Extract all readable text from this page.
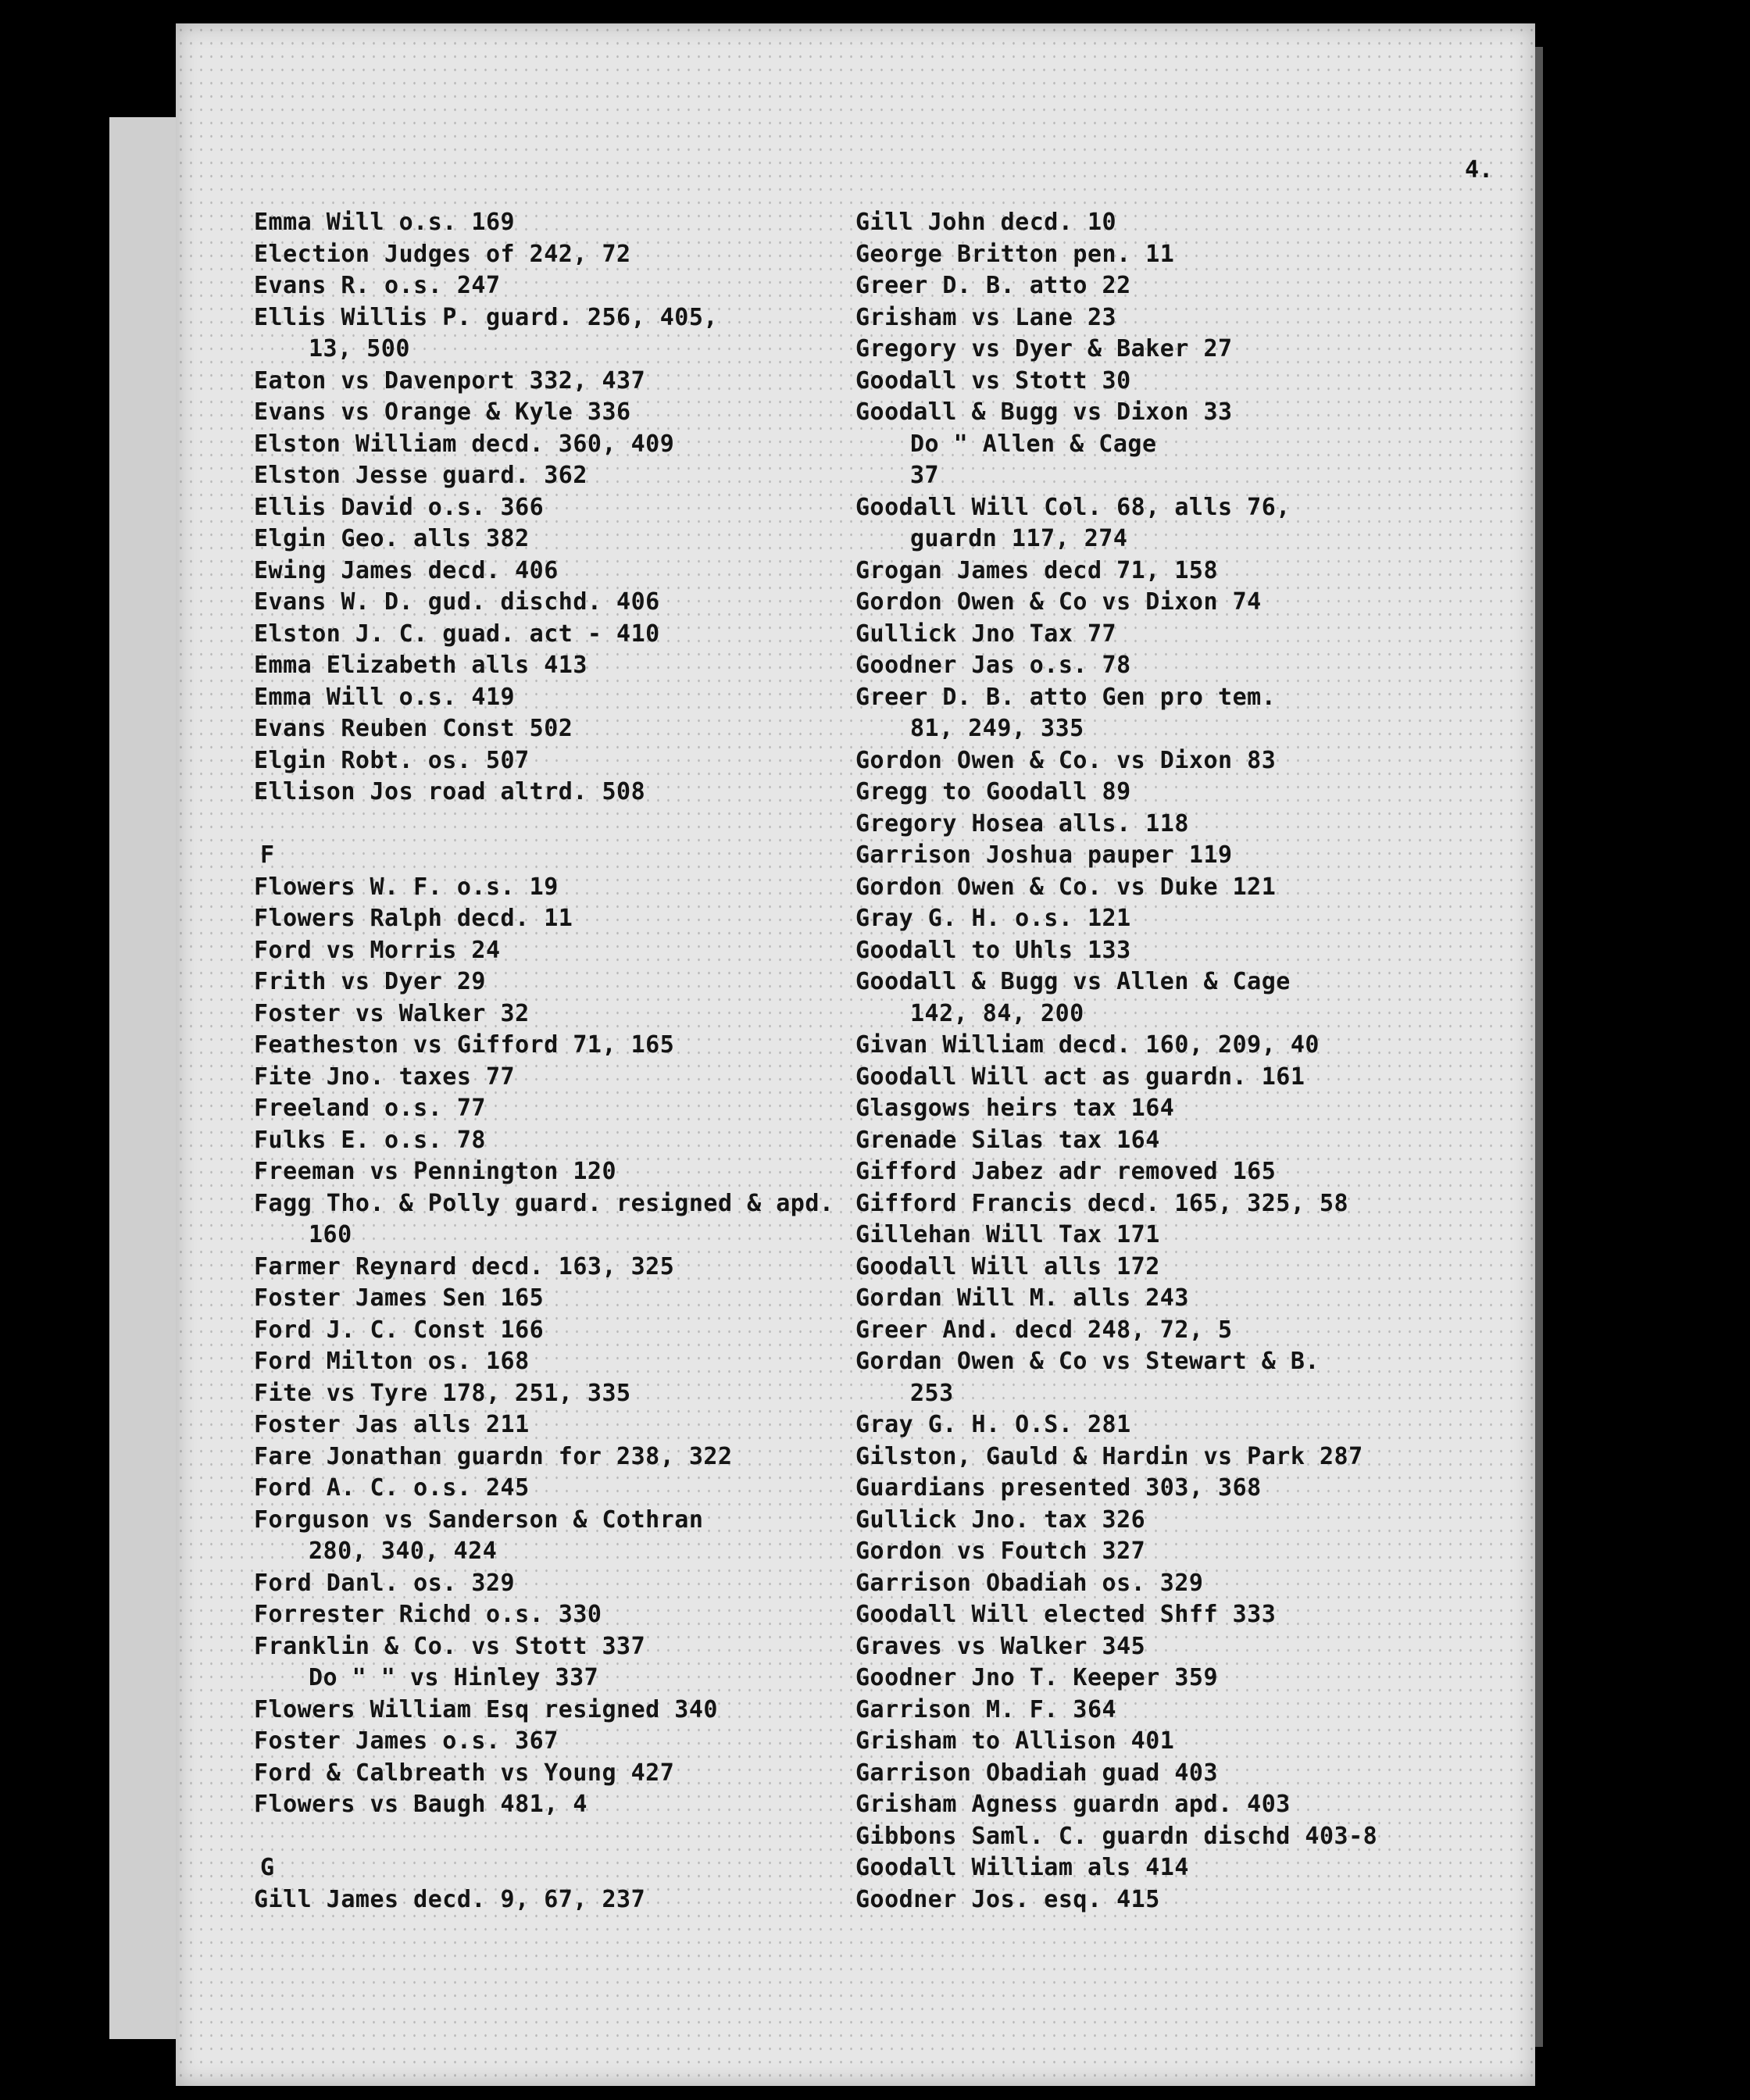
4.
Emma Will o.s. 169
Election Judges of 242, 72
Evans R. o.s. 247
Ellis Willis P. guard. 256, 405,
13, 500
Eaton vs Davenport 332, 437
Evans vs Orange & Kyle 336
Elston William decd. 360, 409
Elston Jesse guard. 362
Ellis David o.s. 366
Elgin Geo. alls 382
Ewing James decd. 406
Evans W. D. gud. dischd. 406
Elston J. C. guad. act - 410
Emma Elizabeth alls 413
Emma Will o.s. 419
Evans Reuben Const 502
Elgin Robt. os. 507
Ellison Jos road altrd. 508
F
Flowers W. F. o.s. 19
Flowers Ralph decd. 11
Ford vs Morris 24
Frith vs Dyer 29
Foster vs Walker 32
Featheston vs Gifford 71, 165
Fite Jno. taxes 77
Freeland o.s. 77
Fulks E. o.s. 78
Freeman vs Pennington 120
Fagg Tho. & Polly guard. resigned & apd.
160
Farmer Reynard decd. 163, 325
Foster James Sen 165
Ford J. C. Const 166
Ford Milton os. 168
Fite vs Tyre 178, 251, 335
Foster Jas alls 211
Fare Jonathan guardn for 238, 322
Ford A. C. o.s. 245
Forguson vs Sanderson & Cothran
280, 340, 424
Ford Danl. os. 329
Forrester Richd o.s. 330
Franklin & Co. vs Stott 337
Do " " vs Hinley 337
Flowers William Esq resigned 340
Foster James o.s. 367
Ford & Calbreath vs Young 427
Flowers vs Baugh 481, 4
G
Gill James decd. 9, 67, 237
Gill John decd. 10
George Britton pen. 11
Greer D. B. atto 22
Grisham vs Lane 23
Gregory vs Dyer & Baker 27
Goodall vs Stott 30
Goodall & Bugg vs Dixon 33
Do " Allen & Cage
37
Goodall Will Col. 68, alls 76,
guardn 117, 274
Grogan James decd 71, 158
Gordon Owen & Co vs Dixon 74
Gullick Jno Tax 77
Goodner Jas o.s. 78
Greer D. B. atto Gen pro tem.
81, 249, 335
Gordon Owen & Co. vs Dixon 83
Gregg to Goodall 89
Gregory Hosea alls. 118
Garrison Joshua pauper 119
Gordon Owen & Co. vs Duke 121
Gray G. H. o.s. 121
Goodall to Uhls 133
Goodall & Bugg vs Allen & Cage
142, 84, 200
Givan William decd. 160, 209, 40
Goodall Will act as guardn. 161
Glasgows heirs tax 164
Grenade Silas tax 164
Gifford Jabez adr removed 165
Gifford Francis decd. 165, 325, 58
Gillehan Will Tax 171
Goodall Will alls 172
Gordan Will M. alls 243
Greer And. decd 248, 72, 5
Gordan Owen & Co vs Stewart & B.
253
Gray G. H. O.S. 281
Gilston, Gauld & Hardin vs Park 287
Guardians presented 303, 368
Gullick Jno. tax 326
Gordon vs Foutch 327
Garrison Obadiah os. 329
Goodall Will elected Shff 333
Graves vs Walker 345
Goodner Jno T. Keeper 359
Garrison M. F. 364
Grisham to Allison 401
Garrison Obadiah guad 403
Grisham Agness guardn apd. 403
Gibbons Saml. C. guardn dischd 403-8
Goodall William als 414
Goodner Jos. esq. 415
